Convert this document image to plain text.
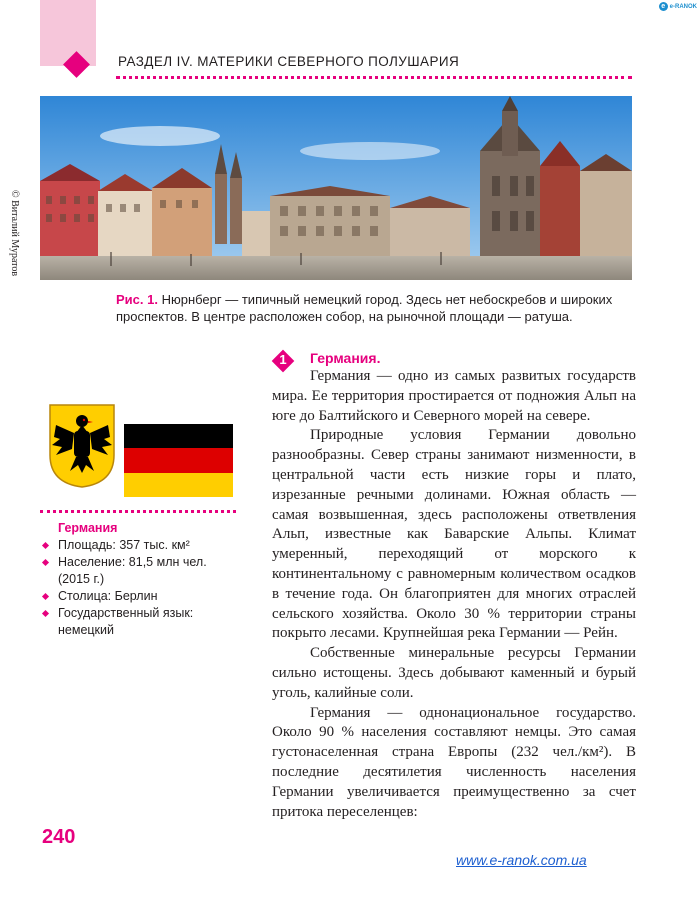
РАЗДЕЛ IV. МАТЕРИКИ СЕВЕРНОГО ПОЛУШАРИЯ
e e-RANOK
© Виталий Муратов
Рис. 1. Нюрнберг — типичный немецкий город. Здесь нет небоскребов и широких проспектов. В центре расположен собор, на рыночной площади — ратуша.
Германия
Площадь: 357 тыс. км²
Население: 81,5 млн чел. (2015 г.)
Столица: Берлин
Государственный язык: немецкий
1	Германия.

Германия — одно из самых развитых государств мира. Ее территория простирается от подножия Альп на юге до Балтийского и Северного морей на севере.

Природные условия Германии довольно разнообразны. Север страны занимают низменности, в центральной части есть низкие горы и плато, изрезанные речными долинами. Южная область — самая возвышенная, здесь расположены ответвления Альп, известные как Баварские Альпы. Климат умеренный, переходящий от морского к континентальному с равномерным количеством осадков в течение года. Он благоприятен для многих отраслей сельского хозяйства. Около 30 % территории страны покрыто лесами. Крупнейшая река Германии — Рейн.

Собственные минеральные ресурсы Германии сильно истощены. Здесь добывают каменный и бурый уголь, калийные соли.

Германия — однонациональное государство. Около 90 % населения составляют немцы. Это самая густонаселенная страна Европы (232 чел./км²). В последние десятилетия численность населения Германии увеличивается преимущественно за счет притока переселенцев:

240
www.e-ranok.com.ua
